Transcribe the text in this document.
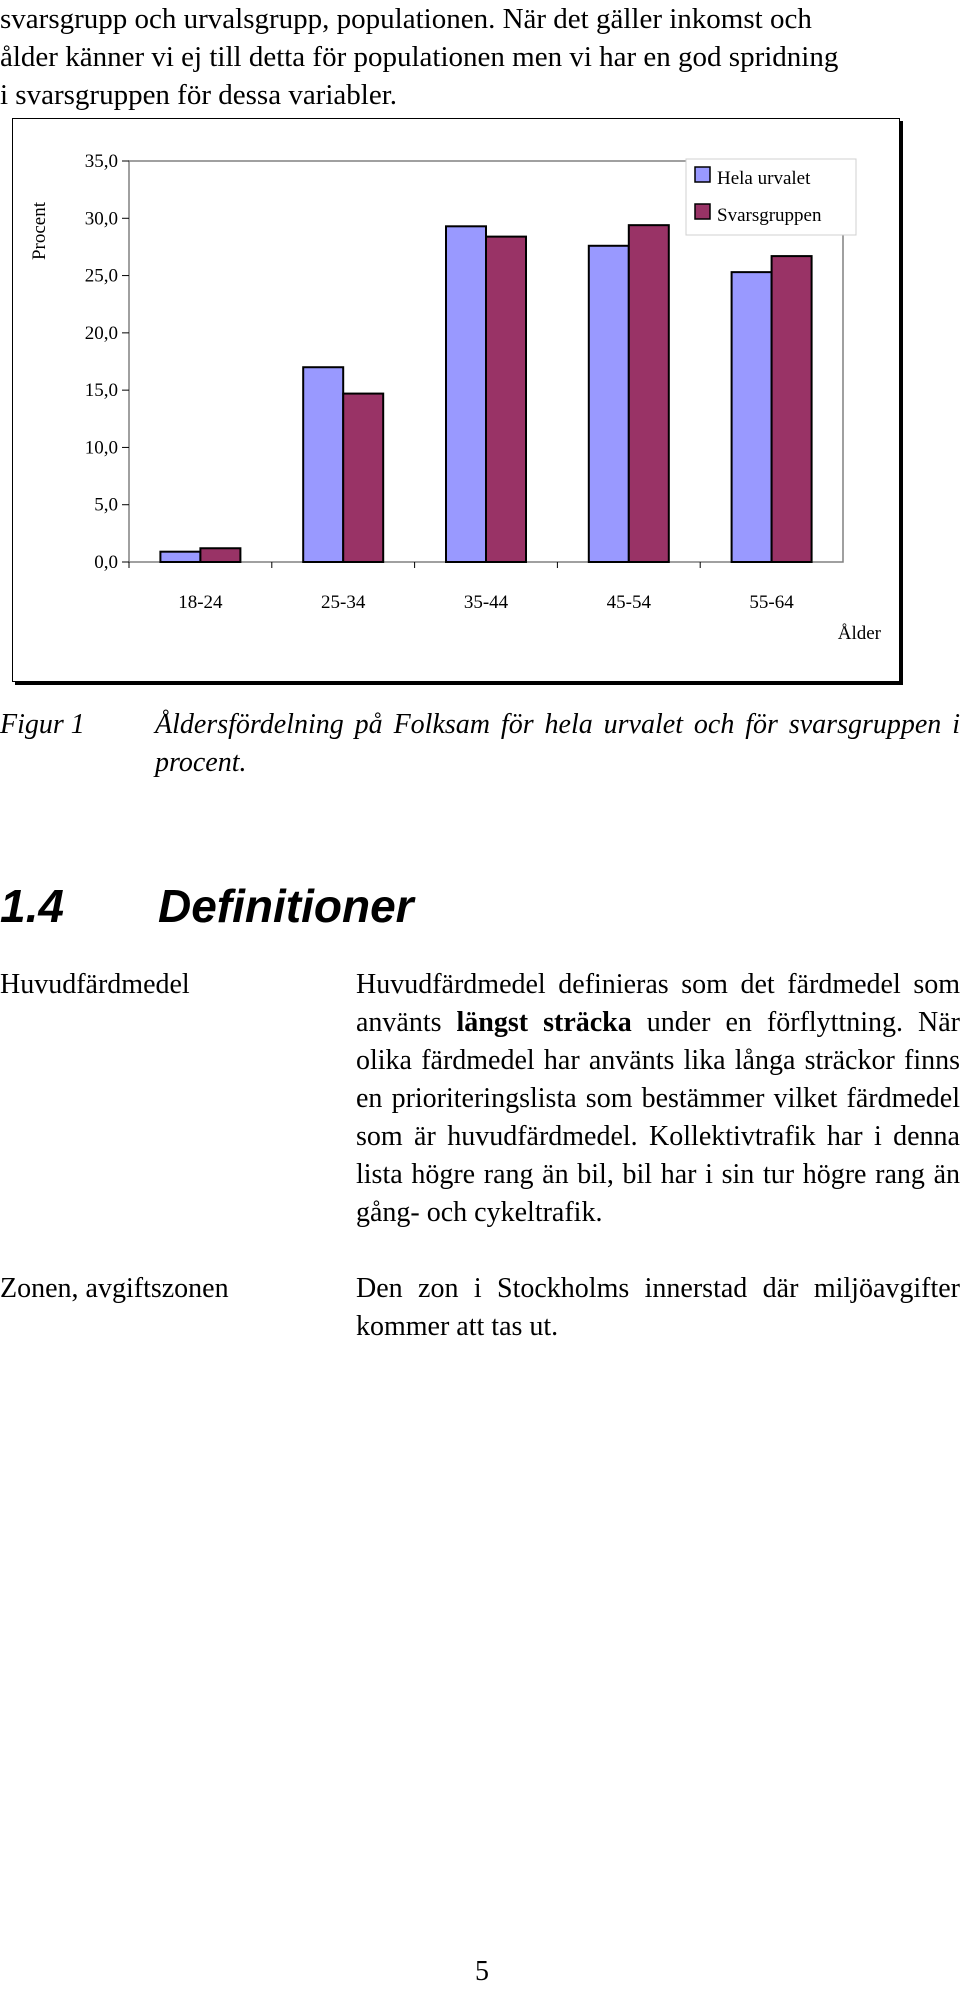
svarsgrupp och urvalsgrupp, populationen. När det gäller inkomst och
ålder känner vi ej till detta för populationen men vi har en god spridning
i svarsgruppen för dessa variabler.
0,0
5,0
10,0
15,0
20,0
25,0
30,0
35,0
18-24	25-34	35-44	45-54	55-64
Procent
Ålder
Hela urvalet
Svarsgruppen
Figur 1	Åldersfördelning på Folksam för hela urvalet och för svarsgruppen i procent.
1.4 Definitioner
Huvudfärdmedel	Huvudfärdmedel definieras som det färdmedel som använts längst sträcka under en förflyttning. När olika färdmedel har använts lika långa sträckor finns en prioriteringslista som bestämmer vilket färdmedel som är huvudfärdmedel. Kollektivtrafik har i denna lista högre rang än bil, bil har i sin tur högre rang än gång- och cykeltrafik.
Zonen, avgiftszonen	Den zon i Stockholms innerstad där miljöavgifter kommer att tas ut.
5
